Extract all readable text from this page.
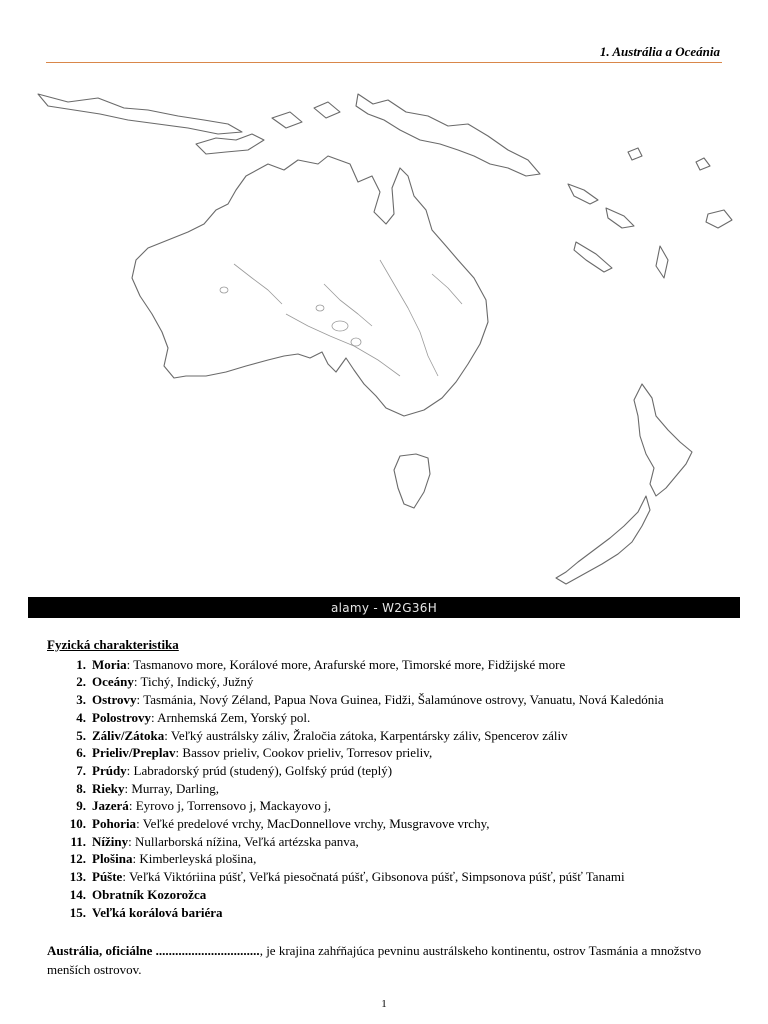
1. Austrália a Oceánia
alamy - W2G36H
Fyzická charakteristika
1. Moria: Tasmanovo more, Korálové more, Arafurské more, Timorské more, Fidžijské more
2. Oceány: Tichý, Indický, Južný
3. Ostrovy: Tasmánia, Nový Zéland, Papua Nova Guinea, Fidži, Šalamúnove ostrovy, Vanuatu, Nová Kaledónia
4. Polostrovy: Arnhemská Zem, Yorský pol.
5. Záliv/Zátoka: Veľký austrálsky záliv, Žraločia zátoka, Karpentársky záliv, Spencerov záliv
6. Prieliv/Preplav: Bassov prieliv, Cookov prieliv, Torresov prieliv,
7. Prúdy: Labradorský prúd (studený), Golfský prúd (teplý)
8. Rieky: Murray, Darling,
9. Jazerá: Eyrovo j, Torrensovo j, Mackayovo j,
10. Pohoria: Veľké predelové vrchy, MacDonnellove vrchy, Musgravove vrchy,
11. Nížiny: Nullarborská nížina, Veľká artézska panva,
12. Plošina: Kimberleyská plošina,
13. Púšte: Veľká Viktóriina púšť, Veľká piesočnatá púšť, Gibsonova púšť, Simpsonova púšť, púšť Tanami
14. Obratník Kozorožca
15. Veľká korálová bariéra
Austrália, oficiálne ................................, je krajina zahŕňajúca pevninu austrálskeho kontinentu, ostrov Tasmánia a množstvo menších ostrovov.
1
